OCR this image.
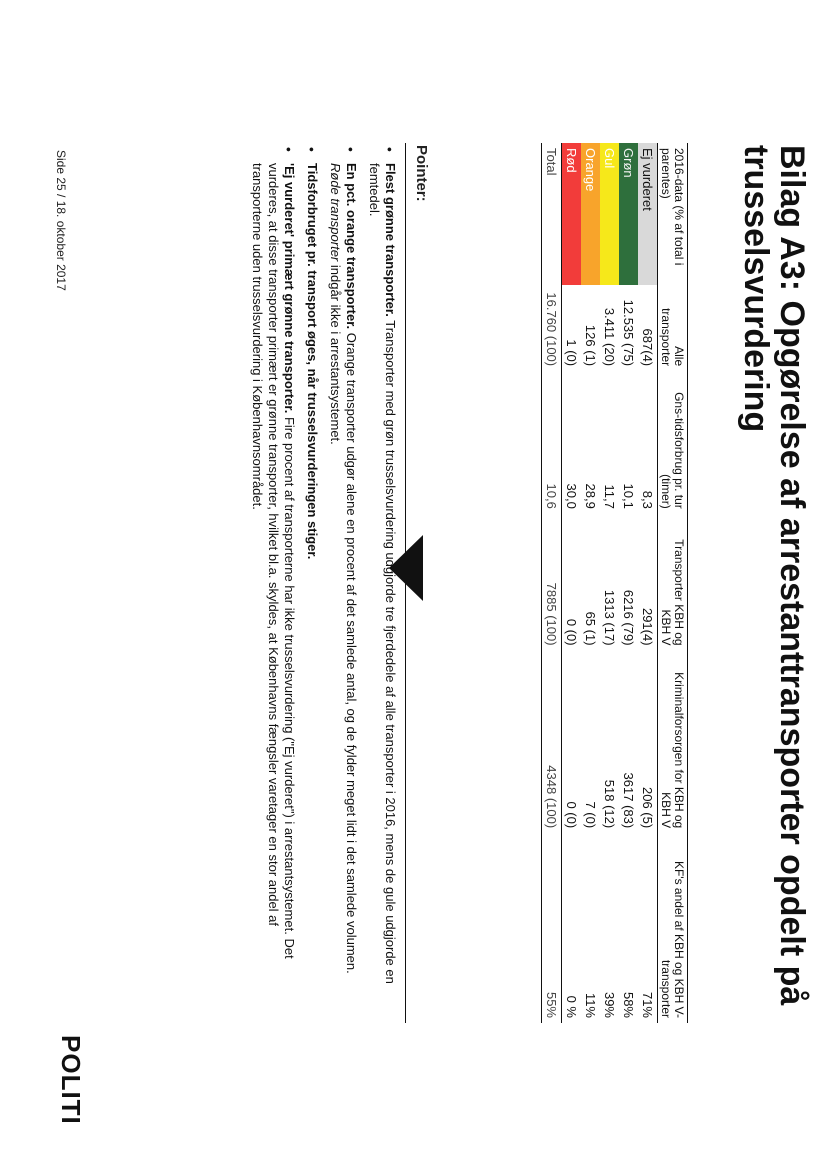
Bilag A3: Opgørelse af arrestanttransporter opdelt på trusselsvurdering
POLITI
2016-data (% af total i parentes)	Alle transporter	Gns-tidsforbrug pr. tur (timer)	Transporter KBH og KBH V	Kriminalforsorgen for KBH og KBH V	KF's andel af KBH og KBH V-transporter
Ej vurderet	687(4)	8,3	291(4)	206 (5)	71%
Grøn	12.535 (75)	10,1	6216 (79)	3617 (83)	58%
Gul	3.411 (20)	11,7	1313 (17)	518 (12)	39%
Orange	126 (1)	28,9	65 (1)	7 (0)	11%
Rød	1 (0)	30,0	0 (0)	0 (0)	0 %
Total	16.760 (100)	10,6	7885 (100)	4348 (100)	55%
Pointer:
• Flest grønne transporter. Transporter med grøn trusselsvurdering udgjorde tre fjerdedele af alle transporter i 2016, mens de gule udgjorde en femtedel.
• En pct. orange transporter. Orange transporter udgør alene en procent af det samlede antal, og de fylder meget lidt i det samlede volumen. Røde transporter indgår ikke i arrestantsystemet.
• Tidsforbruget pr. transport øges, når trusselsvurderingen stiger.
• 'Ej vurderet' primært grønne transporter. Fire procent af transporterne har ikke trusselsvurdering ("Ej vurderet") i arrestantsystemet. Det vurderes, at disse transporter primært er grønne transporter, hvilket bl.a. skyldes, at Københavns fængsler varetager en stor andel af transporterne uden trusselsvurdering i Københavnsområdet.
Side 25 / 18. oktober 2017
